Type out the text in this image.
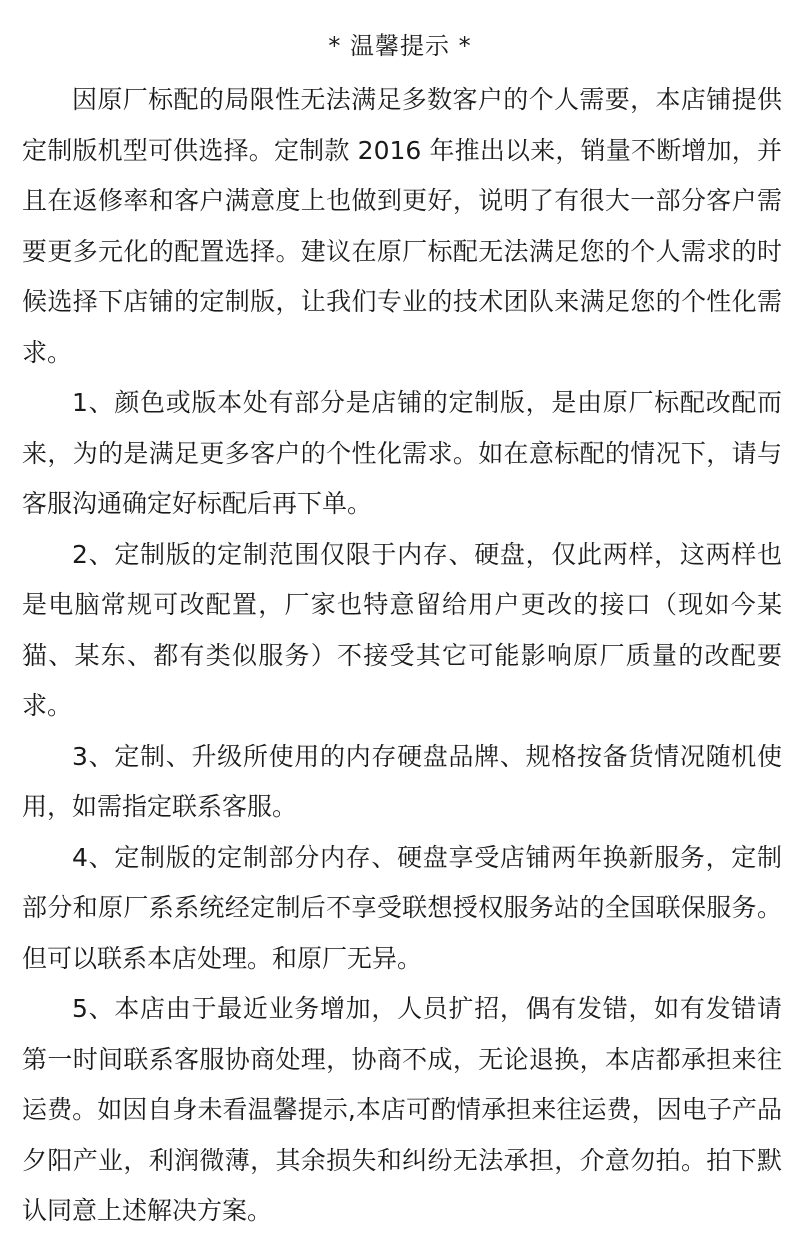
* 温馨提示 *

因原厂标配的局限性无法满足多数客户的个人需要，本店铺提供定制版机型可供选择。定制款 2016 年推出以来，销量不断增加，并且在返修率和客户满意度上也做到更好，说明了有很大一部分客户需要更多元化的配置选择。建议在原厂标配无法满足您的个人需求的时候选择下店铺的定制版，让我们专业的技术团队来满足您的个性化需求。

1、颜色或版本处有部分是店铺的定制版，是由原厂标配改配而来，为的是满足更多客户的个性化需求。如在意标配的情况下，请与客服沟通确定好标配后再下单。

2、定制版的定制范围仅限于内存、硬盘，仅此两样，这两样也是电脑常规可改配置，厂家也特意留给用户更改的接口（现如今某猫、某东、都有类似服务）不接受其它可能影响原厂质量的改配要求。

3、定制、升级所使用的内存硬盘品牌、规格按备货情况随机使用，如需指定联系客服。

4、定制版的定制部分内存、硬盘享受店铺两年换新服务，定制部分和原厂系系统经定制后不享受联想授权服务站的全国联保服务。但可以联系本店处理。和原厂无异。

5、本店由于最近业务增加，人员扩招，偶有发错，如有发错请第一时间联系客服协商处理，协商不成，无论退换，本店都承担来往运费。如因自身未看温馨提示,本店可酌情承担来往运费，因电子产品夕阳产业，利润微薄，其余损失和纠纷无法承担，介意勿拍。拍下默认同意上述解决方案。
